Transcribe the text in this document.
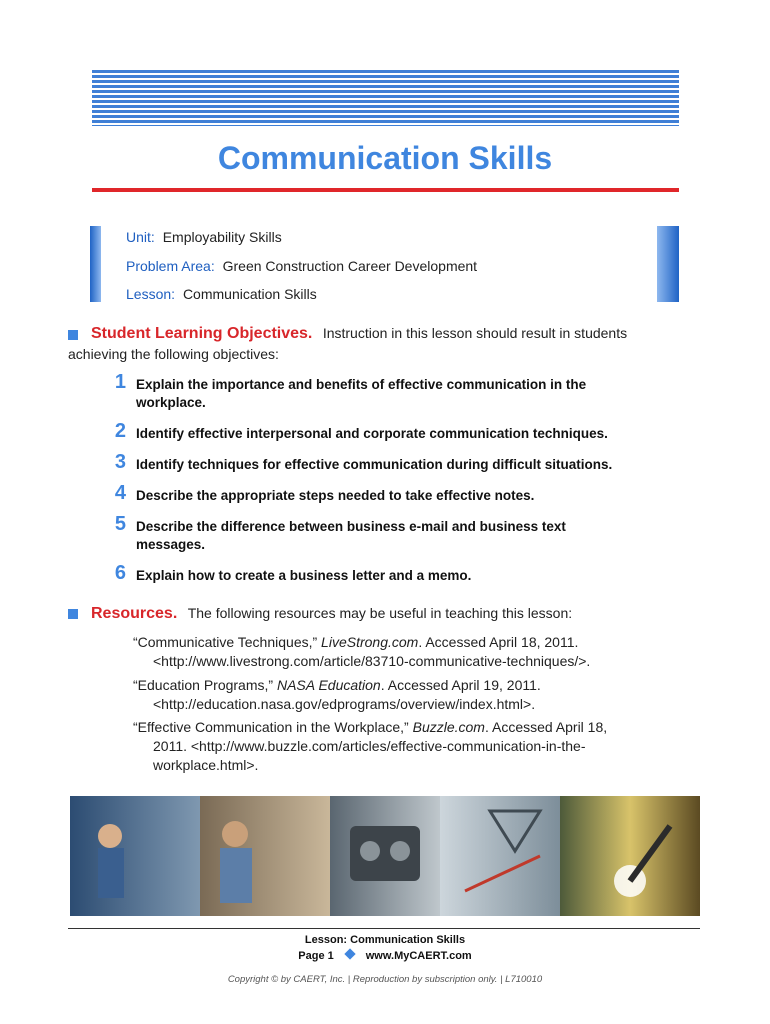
Communication Skills
Unit: Employability Skills
Problem Area: Green Construction Career Development
Lesson: Communication Skills
Student Learning Objectives. Instruction in this lesson should result in students
achieving the following objectives:
1 Explain the importance and benefits of effective communication in the
workplace.
2 Identify effective interpersonal and corporate communication techniques.
3 Identify techniques for effective communication during difficult situations.
4 Describe the appropriate steps needed to take effective notes.
5 Describe the difference between business e-mail and business text
messages.
6 Explain how to create a business letter and a memo.
Resources. The following resources may be useful in teaching this lesson:
“Communicative Techniques,” LiveStrong.com. Accessed April 18, 2011.
<http://www.livestrong.com/article/83710-communicative-techniques/>.
“Education Programs,” NASA Education. Accessed April 19, 2011.
<http://education.nasa.gov/edprograms/overview/index.html>.
“Effective Communication in the Workplace,” Buzzle.com. Accessed April 18,
2011. <http://www.buzzle.com/articles/effective-communication-in-the-
workplace.html>.
Lesson: Communication Skills
Page 1	www.MyCAERT.com
Copyright © by CAERT, Inc. | Reproduction by subscription only. | L710010
